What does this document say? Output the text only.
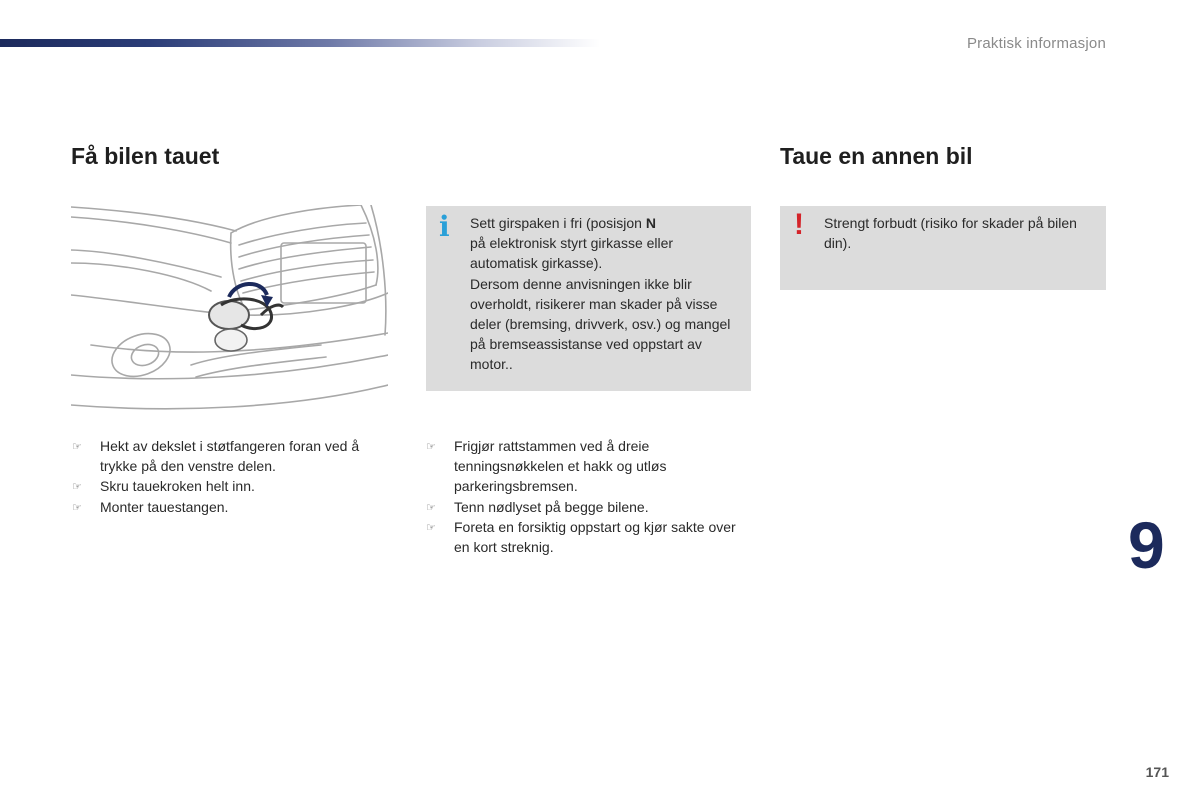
Praktisk informasjon
Få bilen tauet	Taue en annen bil
i Sett girspaken i fri (posisjon N
på elektronisk styrt girkasse eller automatisk girkasse).
Dersom denne anvisningen ikke blir overholdt, risikerer man skader på visse deler (bremsing, drivverk, osv.) og mangel på bremseassistanse ved oppstart av motor..
! Strengt forbudt (risiko for skader på bilen din).
☞ Hekt av dekslet i støtfangeren foran ved å trykke på den venstre delen.
☞ Skru tauekroken helt inn.
☞ Monter tauestangen.
☞ Frigjør rattstammen ved å dreie tenningsnøkkelen et hakk og utløs parkeringsbremsen.
☞ Tenn nødlyset på begge bilene.
☞ Foreta en forsiktig oppstart og kjør sakte over en kort streknig.	9
171
